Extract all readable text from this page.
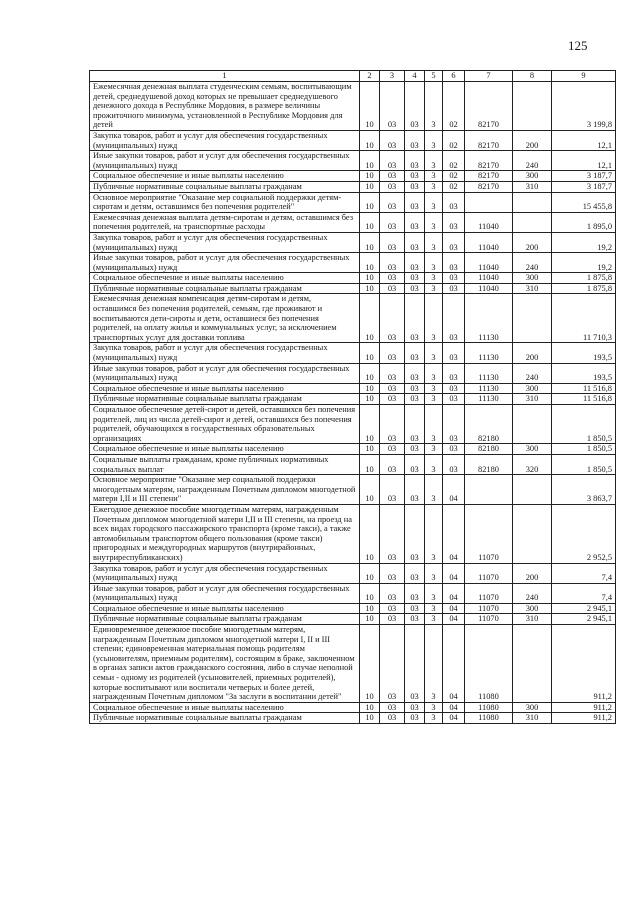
125
1	2	3	4	5	6	7	8	9
Ежемесячная денежная выплата студенческим семьям, воспитывающим детей, среднедушевой доход которых не превышает среднедушевого денежного дохода в Республике Мордовия, в размере величины прожиточного минимума, установленной в Республике Мордовия для детей	10	03	03	3	02	82170		3 199,8
Закупка товаров, работ и услуг для обеспечения государственных (муниципальных) нужд	10	03	03	3	02	82170	200	12,1
Иные закупки товаров, работ и услуг для обеспечения государственных (муниципальных) нужд	10	03	03	3	02	82170	240	12,1
Социальное обеспечение и иные выплаты населению	10	03	03	3	02	82170	300	3 187,7
Публичные нормативные социальные выплаты гражданам	10	03	03	3	02	82170	310	3 187,7
Основное мероприятие "Оказание мер социальной поддержки детям-сиротам и детям, оставшимся без попечения родителей"	10	03	03	3	03			15 455,8
Ежемесячная денежная выплата детям-сиротам и детям, оставшимся без попечения родителей, на транспортные расходы	10	03	03	3	03	11040		1 895,0
Закупка товаров, работ и услуг для обеспечения государственных (муниципальных) нужд	10	03	03	3	03	11040	200	19,2
Иные закупки товаров, работ и услуг для обеспечения государственных (муниципальных) нужд	10	03	03	3	03	11040	240	19,2
Социальное обеспечение и иные выплаты населению	10	03	03	3	03	11040	300	1 875,8
Публичные нормативные социальные выплаты гражданам	10	03	03	3	03	11040	310	1 875,8
Ежемесячная денежная компенсация детям-сиротам и детям, оставшимся без попечения родителей, семьям, где проживают и воспитываются дети-сироты и дети, оставшиеся без попечения родителей, на оплату жилья и коммунальных услуг, за исключением транспортных услуг для доставки топлива	10	03	03	3	03	11130		11 710,3
Закупка товаров, работ и услуг для обеспечения государственных (муниципальных) нужд	10	03	03	3	03	11130	200	193,5
Иные закупки товаров, работ и услуг для обеспечения государственных (муниципальных) нужд	10	03	03	3	03	11130	240	193,5
Социальное обеспечение и иные выплаты населению	10	03	03	3	03	11130	300	11 516,8
Публичные нормативные социальные выплаты гражданам	10	03	03	3	03	11130	310	11 516,8
Социальное обеспечение детей-сирот и детей, оставшихся без попечения родителей, лиц из числа детей-сирот и детей, оставшихся без попечения родителей, обучающихся в государственных образовательных организациях	10	03	03	3	03	82180		1 850,5
Социальное обеспечение и иные выплаты населению	10	03	03	3	03	82180	300	1 850,5
Социальные выплаты гражданам, кроме публичных нормативных социальных выплат	10	03	03	3	03	82180	320	1 850,5
Основное мероприятие "Оказание мер социальной поддержки многодетным матерям, награжденным Почетным дипломом многодетной матери I,II и III степени"	10	03	03	3	04			3 863,7
Ежегодное денежное пособие многодетным матерям, награжденным Почетным дипломом многодетной матери I,II и III степени, на проезд на всех видах городского пассажирского транспорта (кроме такси), а также автомобильным транспортом общего пользования (кроме такси) пригородных и междугородных маршрутов (внутрирайонных, внутриреспубликанских)	10	03	03	3	04	11070		2 952,5
Закупка товаров, работ и услуг для обеспечения государственных (муниципальных) нужд	10	03	03	3	04	11070	200	7,4
Иные закупки товаров, работ и услуг для обеспечения государственных (муниципальных) нужд	10	03	03	3	04	11070	240	7,4
Социальное обеспечение и иные выплаты населению	10	03	03	3	04	11070	300	2 945,1
Публичные нормативные социальные выплаты гражданам	10	03	03	3	04	11070	310	2 945,1
Единовременное денежное пособие многодетным матерям, награжденным Почетным дипломом многодетной матери I, II и III степени; единовременная материальная помощь родителям (усыновителям, приемным родителям), состоящим в браке, заключенном в органах записи актов гражданского состояния, либо в случае неполной семьи - одному из родителей (усыновителей, приемных родителей), которые воспитывают или воспитали четверых и более детей, награжденным Почетным дипломом "За заслуги в воспитании детей"	10	03	03	3	04	11080		911,2
Социальное обеспечение и иные выплаты населению	10	03	03	3	04	11080	300	911,2
Публичные нормативные социальные выплаты гражданам	10	03	03	3	04	11080	310	911,2
